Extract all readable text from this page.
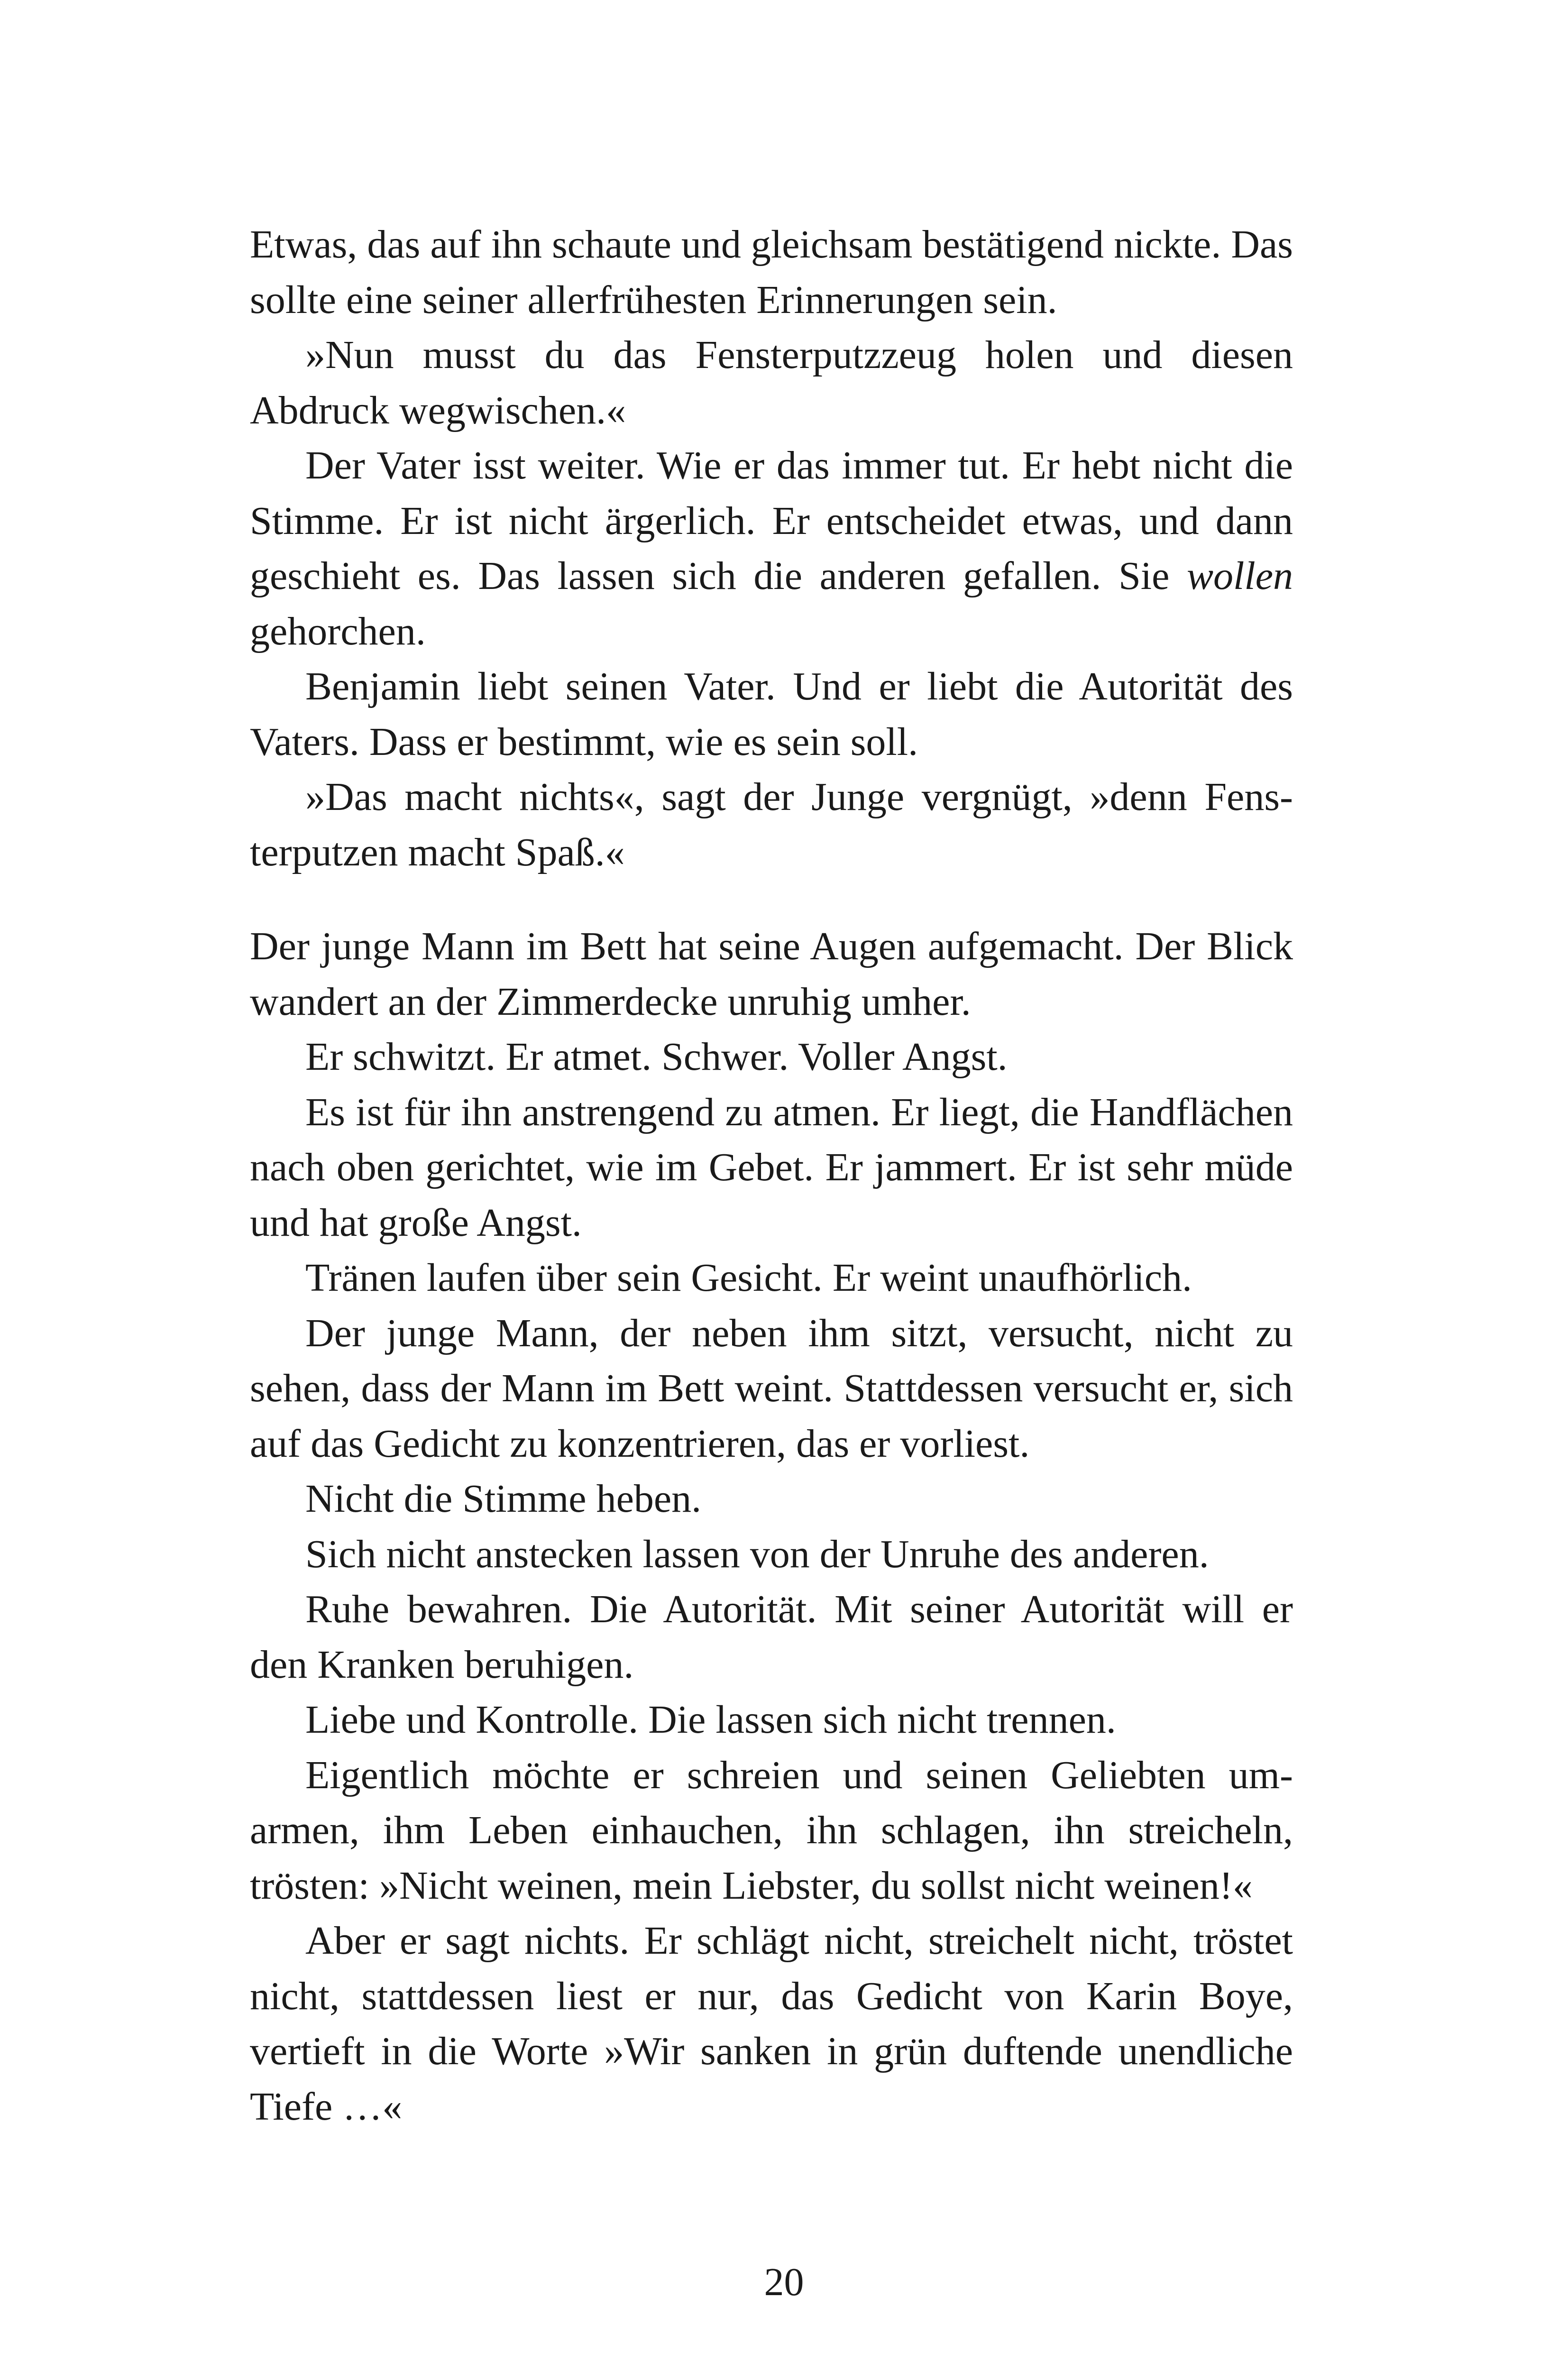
Etwas, das auf ihn schaute und gleichsam bestätigend nickte. Das sollte eine seiner allerfrühesten Erinnerungen sein.

»Nun musst du das Fensterputzzeug holen und diesen Abdruck wegwischen.«

Der Vater isst weiter. Wie er das immer tut. Er hebt nicht die Stimme. Er ist nicht ärgerlich. Er entscheidet etwas, und dann geschieht es. Das lassen sich die anderen gefallen. Sie wollen gehorchen.

Benjamin liebt seinen Vater. Und er liebt die Autorität des Vaters. Dass er bestimmt, wie es sein soll.

»Das macht nichts«, sagt der Junge vergnügt, »denn Fensterputzen macht Spaß.«

Der junge Mann im Bett hat seine Augen aufgemacht. Der Blick wandert an der Zimmerdecke unruhig umher.

Er schwitzt. Er atmet. Schwer. Voller Angst.

Es ist für ihn anstrengend zu atmen. Er liegt, die Handflächen nach oben gerichtet, wie im Gebet. Er jammert. Er ist sehr müde und hat große Angst.

Tränen laufen über sein Gesicht. Er weint unaufhörlich.

Der junge Mann, der neben ihm sitzt, versucht, nicht zu sehen, dass der Mann im Bett weint. Stattdessen versucht er, sich auf das Gedicht zu konzentrieren, das er vorliest.

Nicht die Stimme heben.

Sich nicht anstecken lassen von der Unruhe des anderen.

Ruhe bewahren. Die Autorität. Mit seiner Autorität will er den Kranken beruhigen.

Liebe und Kontrolle. Die lassen sich nicht trennen.

Eigentlich möchte er schreien und seinen Geliebten umarmen, ihm Leben einhauchen, ihn schlagen, ihn streicheln, trösten: »Nicht weinen, mein Liebster, du sollst nicht weinen!«

Aber er sagt nichts. Er schlägt nicht, streichelt nicht, tröstet nicht, stattdessen liest er nur, das Gedicht von Karin Boye, vertieft in die Worte »Wir sanken in grün duftende unendliche Tiefe …«

20
